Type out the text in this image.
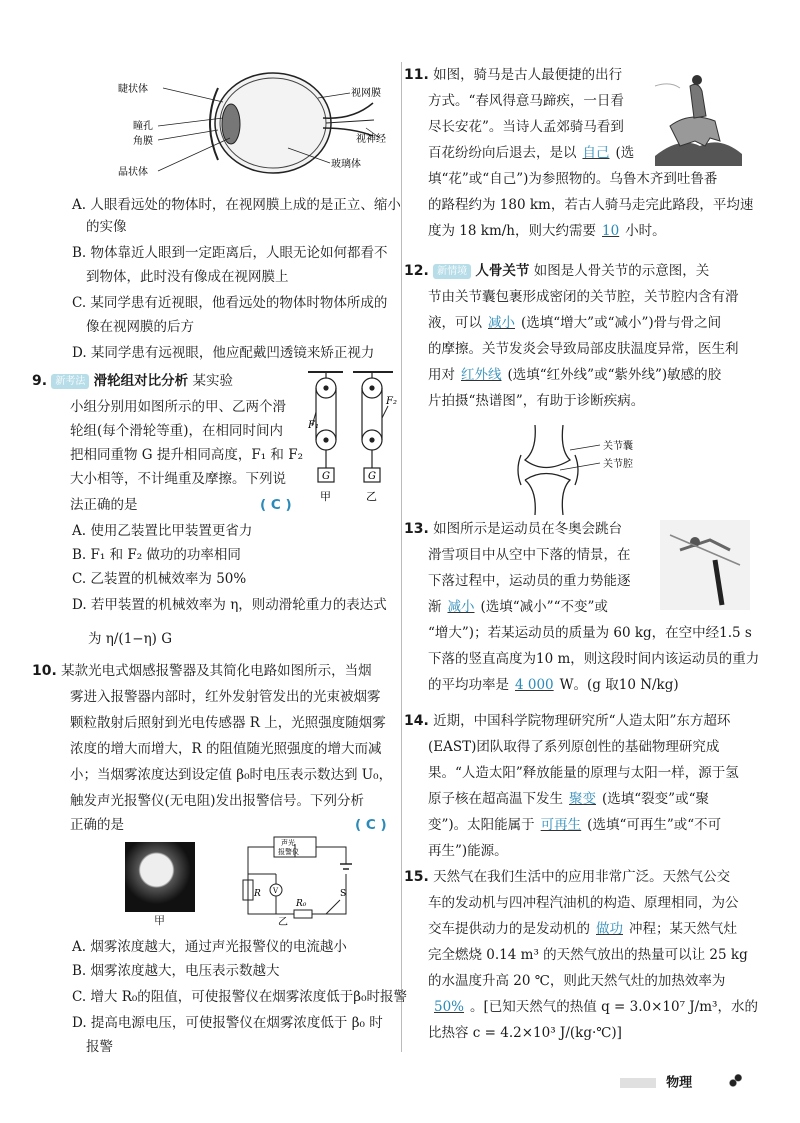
睫状体	视网膜
瞳孔
角膜	视神经
晶状体
玻璃体
A. 人眼看远处的物体时，在视网膜上成的是正立、缩小
的实像
B. 物体靠近人眼到一定距离后，人眼无论如何都看不
到物体，此时没有像成在视网膜上
C. 某同学患有近视眼，他看远处的物体时物体所成的
像在视网膜的后方
D. 某同学患有远视眼，他应配戴凹透镜来矫正视力
9. 新考法 滑轮组对比分析 某实验
小组分别用如图所示的甲、乙两个滑
轮组(每个滑轮等重)，在相同时间内
把相同重物 G 提升相同高度，F₁ 和 F₂
大小相等，不计绳重及摩擦。下列说
法正确的是	( C )
F₁
F₂
G	G
甲	乙
A. 使用乙装置比甲装置更省力
B. F₁ 和 F₂ 做功的功率相同
C. 乙装置的机械效率为 50%
D. 若甲装置的机械效率为 η，则动滑轮重力的表达式
为 η/(1−η) G
10. 某款光电式烟感报警器及其简化电路如图所示，当烟
雾进入报警器内部时，红外发射管发出的光束被烟雾
颗粒散射后照射到光电传感器 R 上，光照强度随烟雾
浓度的增大而增大，R 的阻值随光照强度的增大而减
小；当烟雾浓度达到设定值 β₀时电压表示数达到 U₀，
触发声光报警仪(无电阻)发出报警信号。下列分析
正确的是	( C )
甲
声光
报警仪
R V
R₀
S
乙
A. 烟雾浓度越大，通过声光报警仪的电流越小
B. 烟雾浓度越大，电压表示数越大
C. 增大 R₀的阻值，可使报警仪在烟雾浓度低于β₀时报警
D. 提高电源电压，可使报警仪在烟雾浓度低于 β₀ 时
报警
11. 如图，骑马是古人最便捷的出行
方式。“春风得意马蹄疾，一日看
尽长安花”。当诗人孟郊骑马看到
百花纷纷向后退去，是以 自己 (选
填“花”或“自己”)为参照物的。乌鲁木齐到吐鲁番
的路程约为 180 km，若古人骑马走完此路段，平均速
度为 18 km/h，则大约需要 10 小时。
12. 新情境 人骨关节 如图是人骨关节的示意图，关
节由关节囊包裹形成密闭的关节腔，关节腔内含有滑
液，可以 减小 (选填“增大”或“减小”)骨与骨之间
的摩擦。关节发炎会导致局部皮肤温度异常，医生利
用对 红外线 (选填“红外线”或“紫外线”)敏感的胶
片拍摄“热谱图”，有助于诊断疾病。
关节囊
关节腔
13. 如图所示是运动员在冬奥会跳台
滑雪项目中从空中下落的情景，在
下落过程中，运动员的重力势能逐
渐 减小 (选填“减小”“不变”或
“增大”)；若某运动员的质量为 60 kg，在空中经1.5 s
下落的竖直高度为10 m，则这段时间内该运动员的重力
的平均功率是 4 000 W。(g 取10 N/kg)
14. 近期，中国科学院物理研究所“人造太阳”东方超环
(EAST)团队取得了系列原创性的基础物理研究成
果。“人造太阳”释放能量的原理与太阳一样，源于氢
原子核在超高温下发生 聚变 (选填“裂变”或“聚
变”)。太阳能属于 可再生 (选填“可再生”或“不可
再生”)能源。
15. 天然气在我们生活中的应用非常广泛。天然气公交
车的发动机与四冲程汽油机的构造、原理相同，为公
交车提供动力的是发动机的 做功 冲程；某天然气灶
完全燃烧 0.14 m³ 的天然气放出的热量可以让 25 kg
的水温度升高 20 ℃，则此天然气灶的加热效率为
50% 。[已知天然气的热值 q = 3.0×10⁷ J/m³，水的
比热容 c = 4.2×10³ J/(kg·℃)]
物理
